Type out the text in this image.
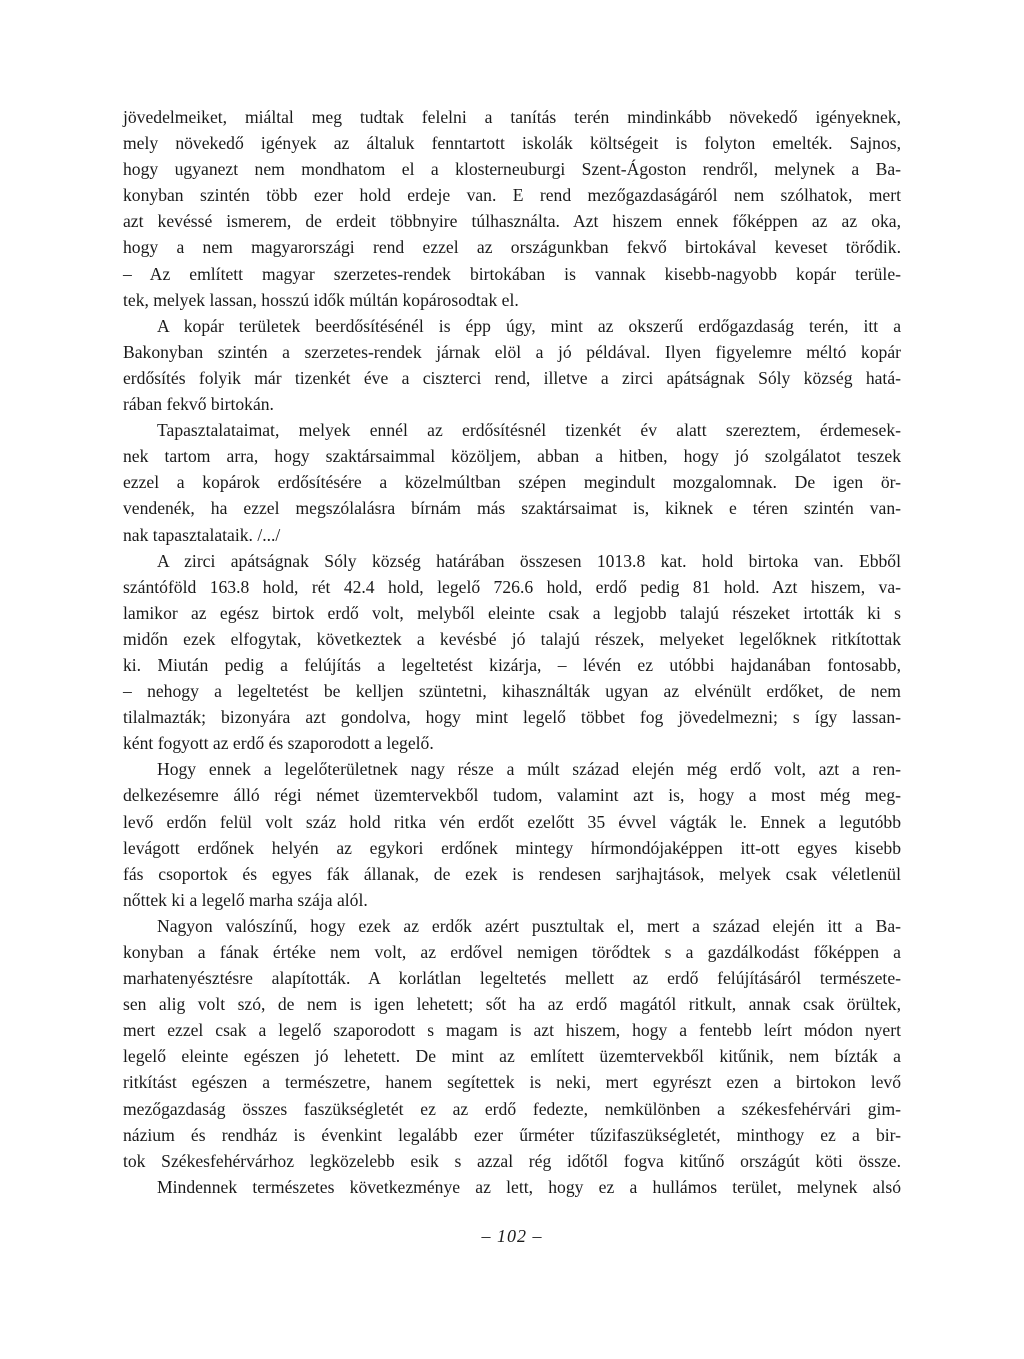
jövedelmeiket, miáltal meg tudtak felelni a tanítás terén mindinkább növekedő igényeknek,
mely növekedő igények az általuk fenntartott iskolák költségeit is folyton emelték. Sajnos,
hogy ugyanezt nem mondhatom el a klosterneuburgi Szent-Ágoston rendről, melynek a Ba-
konyban szintén több ezer hold erdeje van. E rend mezőgazdaságáról nem szólhatok, mert
azt kevéssé ismerem, de erdeit többnyire túlhasználta. Azt hiszem ennek főképpen az az oka,
hogy a nem magyarországi rend ezzel az országunkban fekvő birtokával keveset törődik.
– Az említett magyar szerzetes-rendek birtokában is vannak kisebb-nagyobb kopár terüle-
tek, melyek lassan, hosszú idők múltán kopárosodtak el.
A kopár területek beerdősítésénél is épp úgy, mint az okszerű erdőgazdaság terén, itt a
Bakonyban szintén a szerzetes-rendek járnak elöl a jó példával. Ilyen figyelemre méltó kopár
erdősítés folyik már tizenkét éve a ciszterci rend, illetve a zirci apátságnak Sóly község hatá-
rában fekvő birtokán.
Tapasztalataimat, melyek ennél az erdősítésnél tizenkét év alatt szereztem, érdemesek-
nek tartom arra, hogy szaktársaimmal közöljem, abban a hitben, hogy jó szolgálatot teszek
ezzel a kopárok erdősítésére a közelmúltban szépen megindult mozgalomnak. De igen ör-
vendenék, ha ezzel megszólalásra bírnám más szaktársaimat is, kiknek e téren szintén van-
nak tapasztalataik. /.../
A zirci apátságnak Sóly község határában összesen 1013.8 kat. hold birtoka van. Ebből
szántóföld 163.8 hold, rét 42.4 hold, legelő 726.6 hold, erdő pedig 81 hold. Azt hiszem, va-
lamikor az egész birtok erdő volt, melyből eleinte csak a legjobb talajú részeket irtották ki s
midőn ezek elfogytak, következtek a kevésbé jó talajú részek, melyeket legelőknek ritkítottak
ki. Miután pedig a felújítás a legeltetést kizárja, – lévén ez utóbbi hajdanában fontosabb,
– nehogy a legeltetést be kelljen szüntetni, kihasználták ugyan az elvénült erdőket, de nem
tilalmazták; bizonyára azt gondolva, hogy mint legelő többet fog jövedelmezni; s így lassan-
ként fogyott az erdő és szaporodott a legelő.
Hogy ennek a legelőterületnek nagy része a múlt század elején még erdő volt, azt a ren-
delkezésemre álló régi német üzemtervekből tudom, valamint azt is, hogy a most még meg-
levő erdőn felül volt száz hold ritka vén erdőt ezelőtt 35 évvel vágták le. Ennek a legutóbb
levágott erdőnek helyén az egykori erdőnek mintegy hírmondójaképpen itt-ott egyes kisebb
fás csoportok és egyes fák állanak, de ezek is rendesen sarjhajtások, melyek csak véletlenül
nőttek ki a legelő marha szája alól.
Nagyon valószínű, hogy ezek az erdők azért pusztultak el, mert a század elején itt a Ba-
konyban a fának értéke nem volt, az erdővel nemigen törődtek s a gazdálkodást főképpen a
marhatenyésztésre alapították. A korlátlan legeltetés mellett az erdő felújításáról természete-
sen alig volt szó, de nem is igen lehetett; sőt ha az erdő magától ritkult, annak csak örültek,
mert ezzel csak a legelő szaporodott s magam is azt hiszem, hogy a fentebb leírt módon nyert
legelő eleinte egészen jó lehetett. De mint az említett üzemtervekből kitűnik, nem bízták a
ritkítást egészen a természetre, hanem segítettek is neki, mert egyrészt ezen a birtokon levő
mezőgazdaság összes faszükségletét ez az erdő fedezte, nemkülönben a székesfehérvári gim-
názium és rendház is évenkint legalább ezer űrméter tűzifaszükségletét, minthogy ez a bir-
tok Székesfehérvárhoz legközelebb esik s azzal rég időtől fogva kitűnő országút köti össze.
Mindennek természetes következménye az lett, hogy ez a hullámos terület, melynek alsó
– 102 –
